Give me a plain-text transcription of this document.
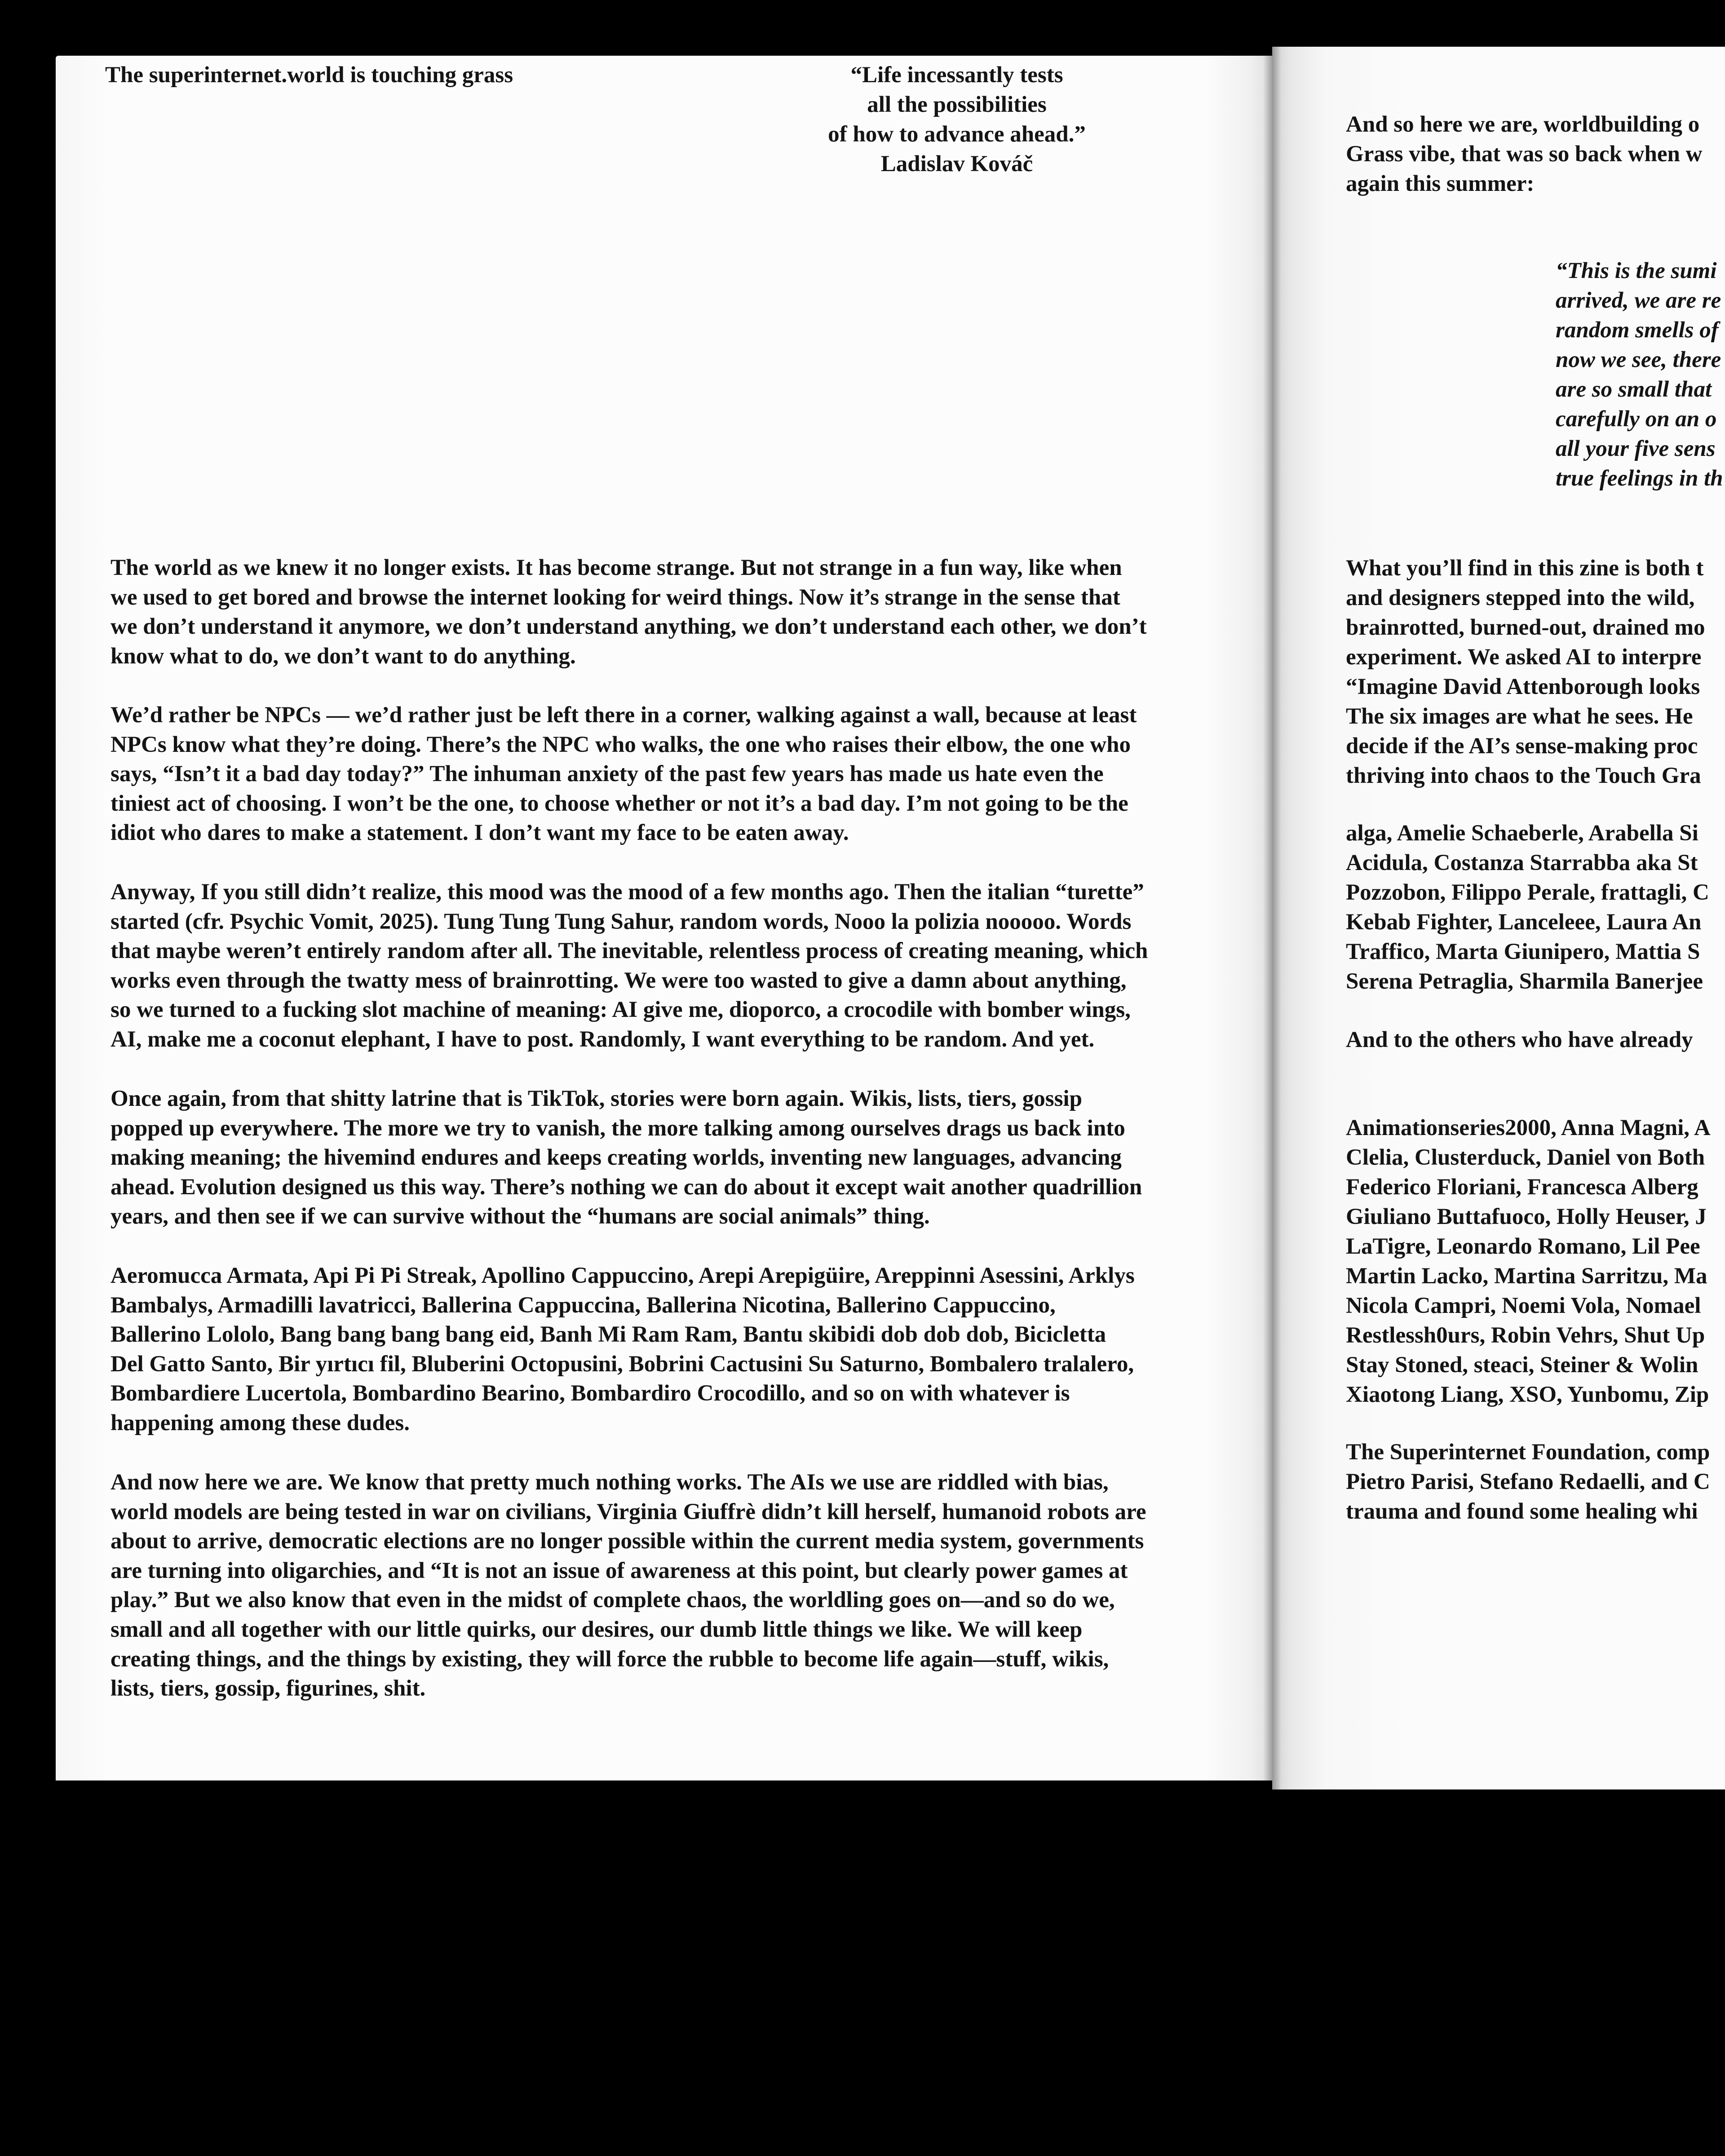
The superinternet.world is touching grass	“Life incessantly tests
all the possibilities
of how to advance ahead.”
Ladislav Kováč
The world as we knew it no longer exists. It has become strange. But not strange in a fun way, like when
we used to get bored and browse the internet looking for weird things. Now it’s strange in the sense that
we don’t understand it anymore, we don’t understand anything, we don’t understand each other, we don’t
know what to do, we don’t want to do anything.
We’d rather be NPCs — we’d rather just be left there in a corner, walking against a wall, because at least
NPCs know what they’re doing. There’s the NPC who walks, the one who raises their elbow, the one who
says, “Isn’t it a bad day today?” The inhuman anxiety of the past few years has made us hate even the
tiniest act of choosing. I won’t be the one, to choose whether or not it’s a bad day. I’m not going to be the
idiot who dares to make a statement. I don’t want my face to be eaten away.
Anyway, If you still didn’t realize, this mood was the mood of a few months ago. Then the italian “turette”
started (cfr. Psychic Vomit, 2025). Tung Tung Tung Sahur, random words, Nooo la polizia nooooo. Words
that maybe weren’t entirely random after all. The inevitable, relentless process of creating meaning, which
works even through the twatty mess of brainrotting. We were too wasted to give a damn about anything,
so we turned to a fucking slot machine of meaning: AI give me, dioporco, a crocodile with bomber wings,
AI, make me a coconut elephant, I have to post. Randomly, I want everything to be random. And yet.
Once again, from that shitty latrine that is TikTok, stories were born again. Wikis, lists, tiers, gossip
popped up everywhere. The more we try to vanish, the more talking among ourselves drags us back into
making meaning; the hivemind endures and keeps creating worlds, inventing new languages, advancing
ahead. Evolution designed us this way. There’s nothing we can do about it except wait another quadrillion
years, and then see if we can survive without the “humans are social animals” thing.
Aeromucca Armata, Api Pi Pi Streak, Apollino Cappuccino, Arepi Arepigüire, Areppinni Asessini, Arklys
Bambalys, Armadilli lavatricci, Ballerina Cappuccina, Ballerina Nicotina, Ballerino Cappuccino,
Ballerino Lololo, Bang bang bang bang eid, Banh Mi Ram Ram, Bantu skibidi dob dob dob, Bicicletta
Del Gatto Santo, Bir yırtıcı fil, Bluberini Octopusini, Bobrini Cactusini Su Saturno, Bombalero tralalero,
Bombardiere Lucertola, Bombardino Bearino, Bombardiro Crocodillo, and so on with whatever is
happening among these dudes.
And now here we are. We know that pretty much nothing works. The AIs we use are riddled with bias,
world models are being tested in war on civilians, Virginia Giuffrè didn’t kill herself, humanoid robots are
about to arrive, democratic elections are no longer possible within the current media system, governments
are turning into oligarchies, and “It is not an issue of awareness at this point, but clearly power games at
play.” But we also know that even in the midst of complete chaos, the worldling goes on—and so do we,
small and all together with our little quirks, our desires, our dumb little things we like. We will keep
creating things, and the things by existing, they will force the rubble to become life again—stuff, wikis,
lists, tiers, gossip, figurines, shit.
And so here we are, worldbuilding o
Grass vibe, that was so back when w
again this summer:
“This is the sumi
arrived, we are re
random smells of
now we see, there
are so small that
carefully on an o
all your five sens
true feelings in th
What you’ll find in this zine is both t
and designers stepped into the wild,
brainrotted, burned-out, drained mo
experiment. We asked AI to interpre
“Imagine David Attenborough looks
The six images are what he sees. He
decide if the AI’s sense-making proc
thriving into chaos to the Touch Gra
alga, Amelie Schaeberle, Arabella Si
Acidula, Costanza Starrabba aka St
Pozzobon, Filippo Perale, frattagli, C
Kebab Fighter, Lanceleee, Laura An
Traffico, Marta Giunipero, Mattia S
Serena Petraglia, Sharmila Banerjee
And to the others who have already
Animationseries2000, Anna Magni, A
Clelia, Clusterduck, Daniel von Both
Federico Floriani, Francesca Alberg
Giuliano Buttafuoco, Holly Heuser, J
LaTigre, Leonardo Romano, Lil Pee
Martin Lacko, Martina Sarritzu, Ma
Nicola Campri, Noemi Vola, Nomael
Restlessh0urs, Robin Vehrs, Shut Up
Stay Stoned, steaci, Steiner & Wolin
Xiaotong Liang, XSO, Yunbomu, Zip
The Superinternet Foundation, comp
Pietro Parisi, Stefano Redaelli, and C
trauma and found some healing whi
